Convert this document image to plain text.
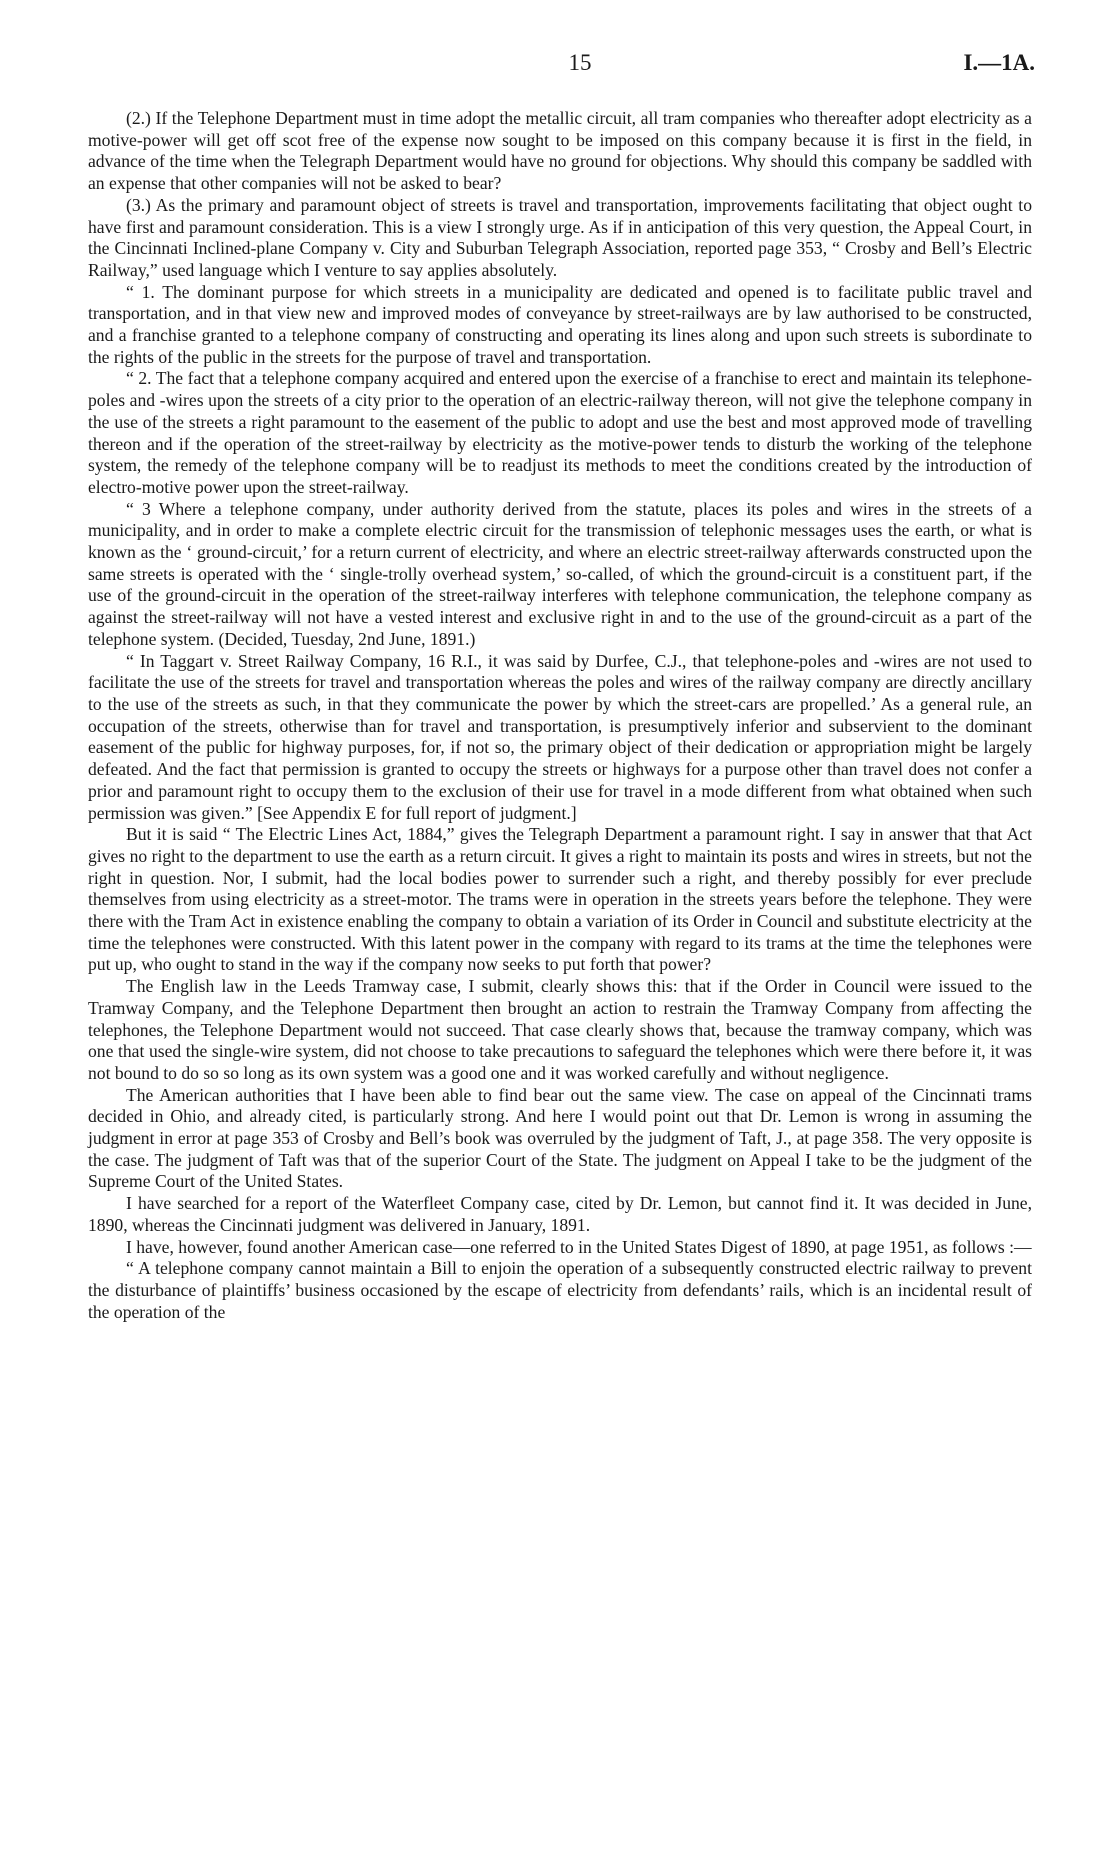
15	I.—1A.

(2.) If the Telephone Department must in time adopt the metallic circuit, all tram companies who thereafter adopt electricity as a motive-power will get off scot free of the expense now sought to be imposed on this company because it is first in the field, in advance of the time when the Telegraph Department would have no ground for objections. Why should this company be saddled with an expense that other companies will not be asked to bear?

(3.) As the primary and paramount object of streets is travel and transportation, improvements facilitating that object ought to have first and paramount consideration. This is a view I strongly urge. As if in anticipation of this very question, the Appeal Court, in the Cincinnati Inclined-plane Company v. City and Suburban Telegraph Association, reported page 353, “ Crosby and Bell’s Electric Railway,” used language which I venture to say applies absolutely.

“ 1. The dominant purpose for which streets in a municipality are dedicated and opened is to facilitate public travel and transportation, and in that view new and improved modes of conveyance by street-railways are by law authorised to be constructed, and a franchise granted to a telephone company of constructing and operating its lines along and upon such streets is subordinate to the rights of the public in the streets for the purpose of travel and transportation.

“ 2. The fact that a telephone company acquired and entered upon the exercise of a franchise to erect and maintain its telephone-poles and -wires upon the streets of a city prior to the operation of an electric-railway thereon, will not give the telephone company in the use of the streets a right paramount to the easement of the public to adopt and use the best and most approved mode of travelling thereon and if the operation of the street-railway by electricity as the motive-power tends to disturb the working of the telephone system, the remedy of the telephone company will be to readjust its methods to meet the conditions created by the introduction of electro-motive power upon the street-railway.

“ 3 Where a telephone company, under authority derived from the statute, places its poles and wires in the streets of a municipality, and in order to make a complete electric circuit for the transmission of telephonic messages uses the earth, or what is known as the ‘ ground-circuit,’ for a return current of electricity, and where an electric street-railway afterwards constructed upon the same streets is operated with the ‘ single-trolly overhead system,’ so-called, of which the ground-circuit is a constituent part, if the use of the ground-circuit in the operation of the street-railway interferes with telephone communication, the telephone company as against the street-railway will not have a vested interest and exclusive right in and to the use of the ground-circuit as a part of the telephone system. (Decided, Tuesday, 2nd June, 1891.)

“ In Taggart v. Street Railway Company, 16 R.I., it was said by Durfee, C.J., that telephone-poles and -wires are not used to facilitate the use of the streets for travel and transportation whereas the poles and wires of the railway company are directly ancillary to the use of the streets as such, in that they communicate the power by which the street-cars are propelled.’ As a general rule, an occupation of the streets, otherwise than for travel and transportation, is presumptively inferior and subservient to the dominant easement of the public for highway purposes, for, if not so, the primary object of their dedication or appropriation might be largely defeated. And the fact that permission is granted to occupy the streets or highways for a purpose other than travel does not confer a prior and paramount right to occupy them to the exclusion of their use for travel in a mode different from what obtained when such permission was given.” [See Appendix E for full report of judgment.]

But it is said “ The Electric Lines Act, 1884,” gives the Telegraph Department a paramount right. I say in answer that that Act gives no right to the department to use the earth as a return circuit. It gives a right to maintain its posts and wires in streets, but not the right in question. Nor, I submit, had the local bodies power to surrender such a right, and thereby possibly for ever preclude themselves from using electricity as a street-motor. The trams were in operation in the streets years before the telephone. They were there with the Tram Act in existence enabling the company to obtain a variation of its Order in Council and substitute electricity at the time the telephones were constructed. With this latent power in the company with regard to its trams at the time the telephones were put up, who ought to stand in the way if the company now seeks to put forth that power?

The English law in the Leeds Tramway case, I submit, clearly shows this: that if the Order in Council were issued to the Tramway Company, and the Telephone Department then brought an action to restrain the Tramway Company from affecting the telephones, the Telephone Department would not succeed. That case clearly shows that, because the tramway company, which was one that used the single-wire system, did not choose to take precautions to safeguard the telephones which were there before it, it was not bound to do so so long as its own system was a good one and it was worked carefully and without negligence.

The American authorities that I have been able to find bear out the same view. The case on appeal of the Cincinnati trams decided in Ohio, and already cited, is particularly strong. And here I would point out that Dr. Lemon is wrong in assuming the judgment in error at page 353 of Crosby and Bell’s book was overruled by the judgment of Taft, J., at page 358. The very opposite is the case. The judgment of Taft was that of the superior Court of the State. The judgment on Appeal I take to be the judgment of the Supreme Court of the United States.

I have searched for a report of the Waterfleet Company case, cited by Dr. Lemon, but cannot find it. It was decided in June, 1890, whereas the Cincinnati judgment was delivered in January, 1891.

I have, however, found another American case—one referred to in the United States Digest of 1890, at page 1951, as follows :—

“ A telephone company cannot maintain a Bill to enjoin the operation of a subsequently constructed electric railway to prevent the disturbance of plaintiffs’ business occasioned by the escape of electricity from defendants’ rails, which is an incidental result of the operation of the
